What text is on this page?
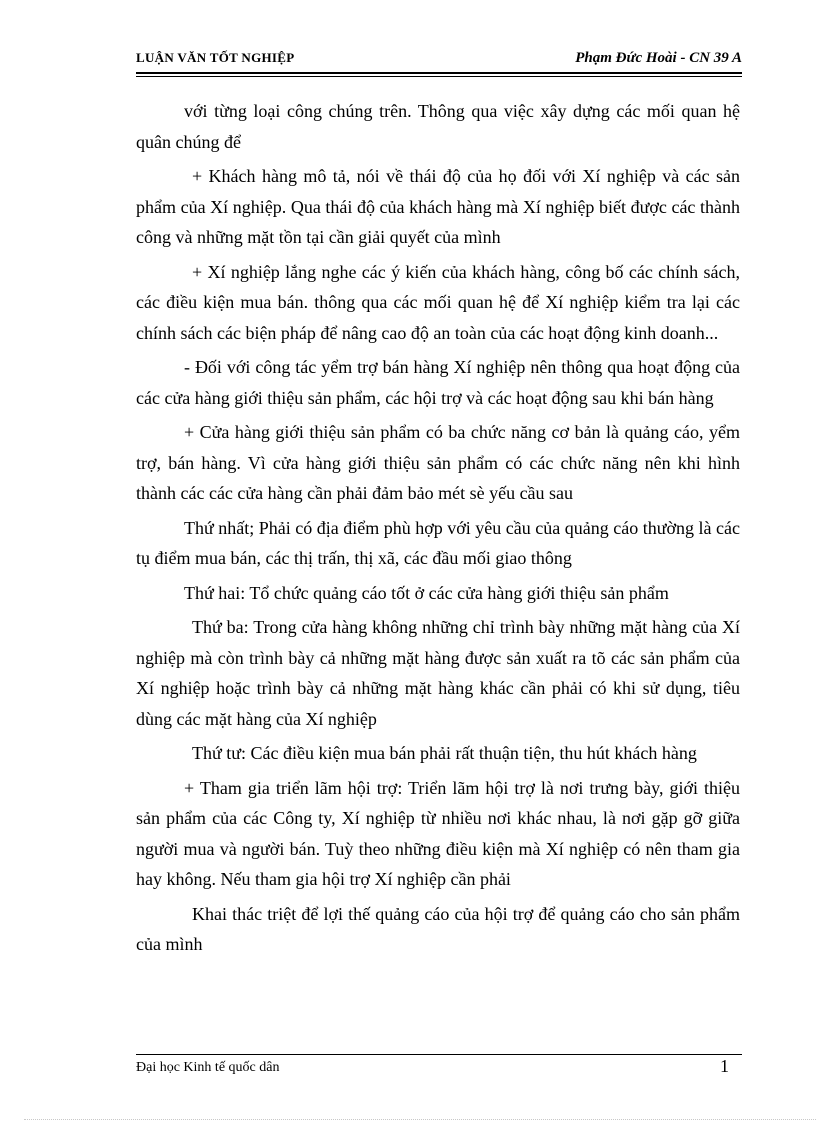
LUẬN VĂN TỐT NGHIỆP	Phạm Đức Hoài - CN 39 A

với từng loại công chúng trên. Thông qua việc xây dựng các mối quan hệ quân chúng để

+ Khách hàng mô tả, nói về thái độ của họ đối với Xí nghiệp và các sản phẩm của Xí nghiệp. Qua thái độ của khách hàng mà Xí nghiệp biết được các thành công và những mặt tồn tại cần giải quyết của mình

+ Xí nghiệp lắng nghe các ý kiến của khách hàng, công bố các chính sách, các điều kiện mua bán. thông qua các mối quan hệ để Xí nghiệp kiểm tra lại các chính sách các biện pháp để nâng cao độ an toàn của các hoạt động kinh doanh...

- Đối với công tác yểm trợ bán hàng Xí nghiệp nên thông qua hoạt động của các cửa hàng giới thiệu sản phẩm, các hội trợ và các hoạt động sau khi bán hàng

+ Cửa hàng giới thiệu sản phẩm có ba chức năng cơ bản là quảng cáo, yểm trợ, bán hàng. Vì cửa hàng giới thiệu sản phẩm có các chức năng nên khi hình thành các các cửa hàng cần phải đảm bảo mét sè yếu cầu sau

Thứ nhất; Phải có địa điểm phù hợp với yêu cầu của quảng cáo thường là các tụ điểm mua bán, các thị trấn, thị xã, các đầu mối giao thông

Thứ hai: Tổ chức quảng cáo tốt ở các cửa hàng giới thiệu sản phẩm

Thứ ba: Trong cửa hàng không những chỉ trình bày những mặt hàng của Xí nghiệp mà còn trình bày cả những mặt hàng được sản xuất ra tõ các sản phẩm của Xí nghiệp hoặc trình bày cả những mặt hàng khác cần phải có khi sử dụng, tiêu dùng các mặt hàng của Xí nghiệp

Thứ tư: Các điều kiện mua bán phải rất thuận tiện, thu hút khách hàng

+ Tham gia triển lãm hội trợ: Triển lãm hội trợ là nơi trưng bày, giới thiệu sản phẩm của các Công ty, Xí nghiệp từ nhiều nơi khác nhau, là nơi gặp gỡ giữa người mua và người bán. Tuỳ theo những điều kiện mà Xí nghiệp có nên tham gia hay không. Nếu tham gia hội trợ Xí nghiệp cần phải

Khai thác triệt để lợi thế quảng cáo của hội trợ để quảng cáo cho sản phẩm của mình

Đại học Kinh tế quốc dân	1
